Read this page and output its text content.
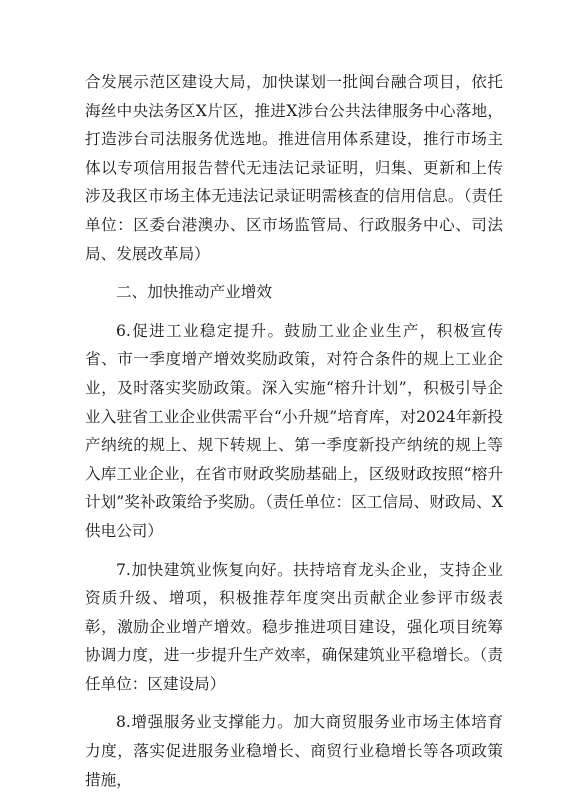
合发展示范区建设大局，加快谋划一批闽台融合项目，依托海丝中央法务区X片区，推进X涉台公共法律服务中心落地，打造涉台司法服务优选地。推进信用体系建设，推行市场主体以专项信用报告替代无违法记录证明，归集、更新和上传涉及我区市场主体无违法记录证明需核查的信用信息。（责任单位：区委台港澳办、区市场监管局、行政服务中心、司法局、发展改革局）

二、加快推动产业增效

6.促进工业稳定提升。鼓励工业企业生产，积极宣传省、市一季度增产增效奖励政策，对符合条件的规上工业企业，及时落实奖励政策。深入实施“榕升计划”，积极引导企业入驻省工业企业供需平台“小升规”培育库，对2024年新投产纳统的规上、规下转规上、第一季度新投产纳统的规上等入库工业企业，在省市财政奖励基础上，区级财政按照“榕升计划”奖补政策给予奖励。（责任单位：区工信局、财政局、X供电公司）

7.加快建筑业恢复向好。扶持培育龙头企业，支持企业资质升级、增项，积极推荐年度突出贡献企业参评市级表彰，激励企业增产增效。稳步推进项目建设，强化项目统筹协调力度，进一步提升生产效率，确保建筑业平稳增长。（责任单位：区建设局）

8.增强服务业支撑能力。加大商贸服务业市场主体培育力度，落实促进服务业稳增长、商贸行业稳增长等各项政策措施，
